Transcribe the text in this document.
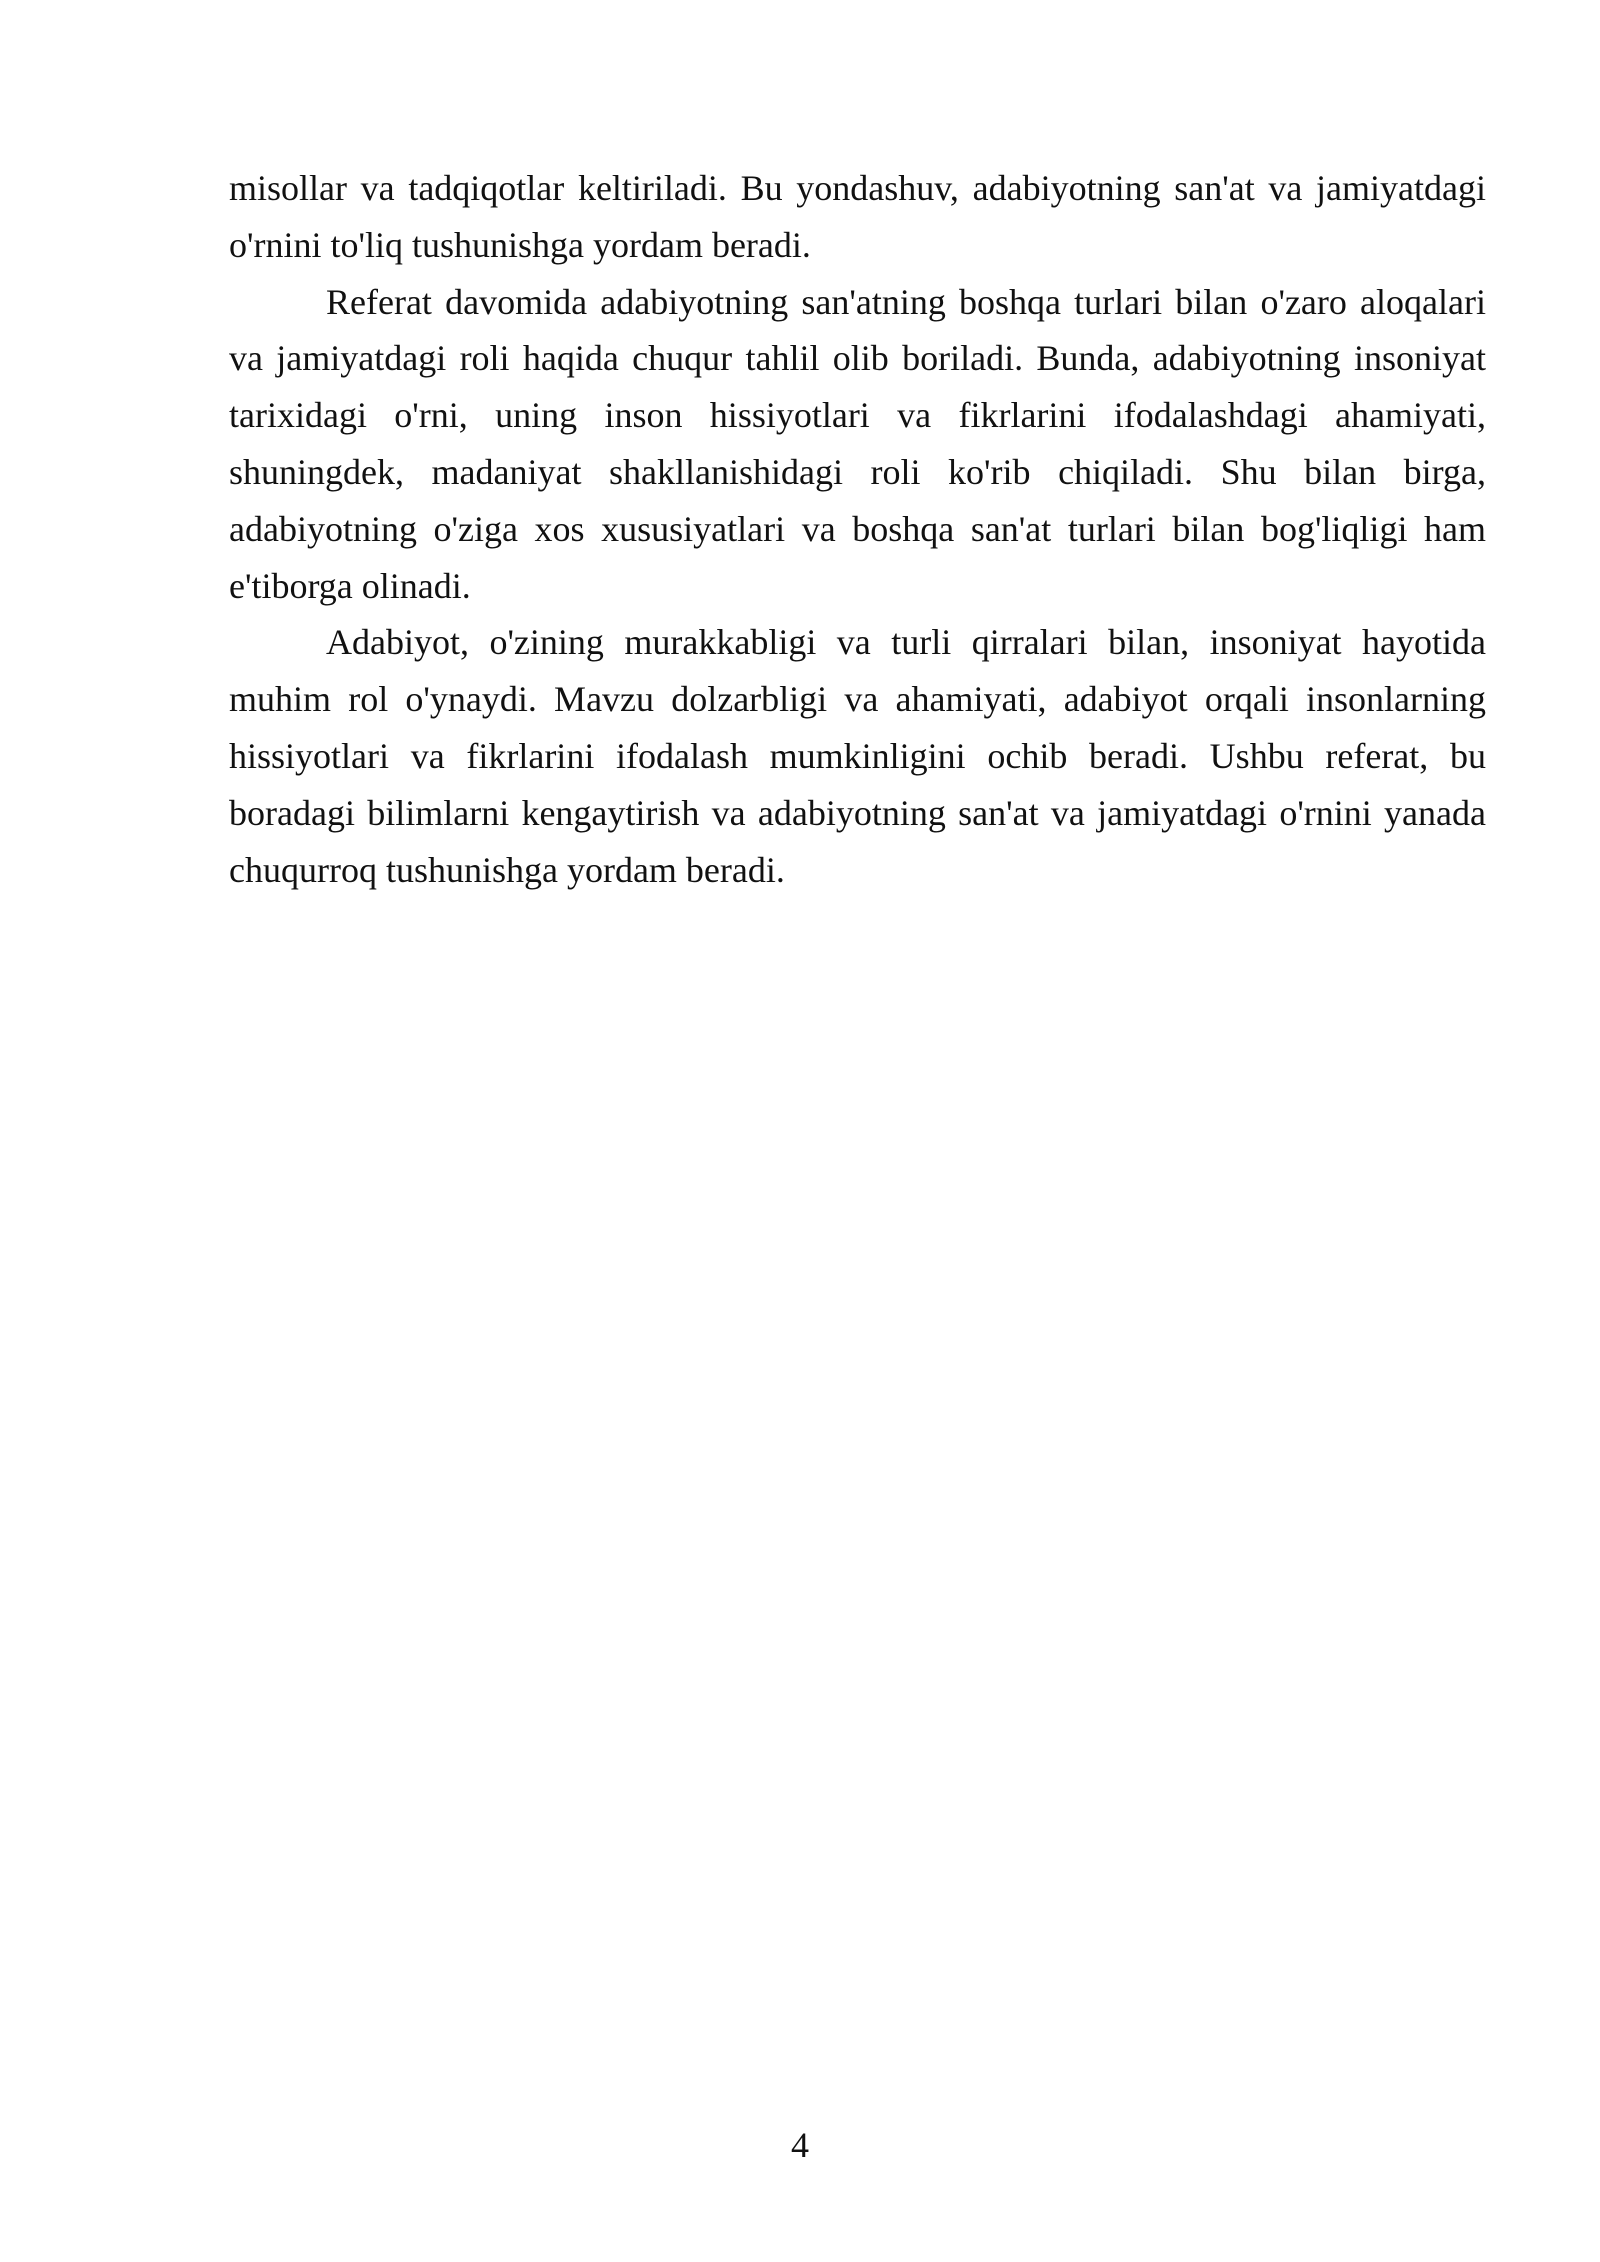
misollar va tadqiqotlar keltiriladi. Bu yondashuv, adabiyotning san'at va jamiyatdagi o'rnini to'liq tushunishga yordam beradi.

Referat davomida adabiyotning san'atning boshqa turlari bilan o'zaro aloqalari va jamiyatdagi roli haqida chuqur tahlil olib boriladi. Bunda, adabiyotning insoniyat tarixidagi o'rni, uning inson hissiyotlari va fikrlarini ifodalashdagi ahamiyati, shuningdek, madaniyat shakllanishidagi roli ko'rib chiqiladi. Shu bilan birga, adabiyotning o'ziga xos xususiyatlari va boshqa san'at turlari bilan bog'liqligi ham e'tiborga olinadi.

Adabiyot, o'zining murakkabligi va turli qirralari bilan, insoniyat hayotida muhim rol o'ynaydi. Mavzu dolzarbligi va ahamiyati, adabiyot orqali insonlarning hissiyotlari va fikrlarini ifodalash mumkinligini ochib beradi. Ushbu referat, bu boradagi bilimlarni kengaytirish va adabiyotning san'at va jamiyatdagi o'rnini yanada chuqurroq tushunishga yordam beradi.

4
